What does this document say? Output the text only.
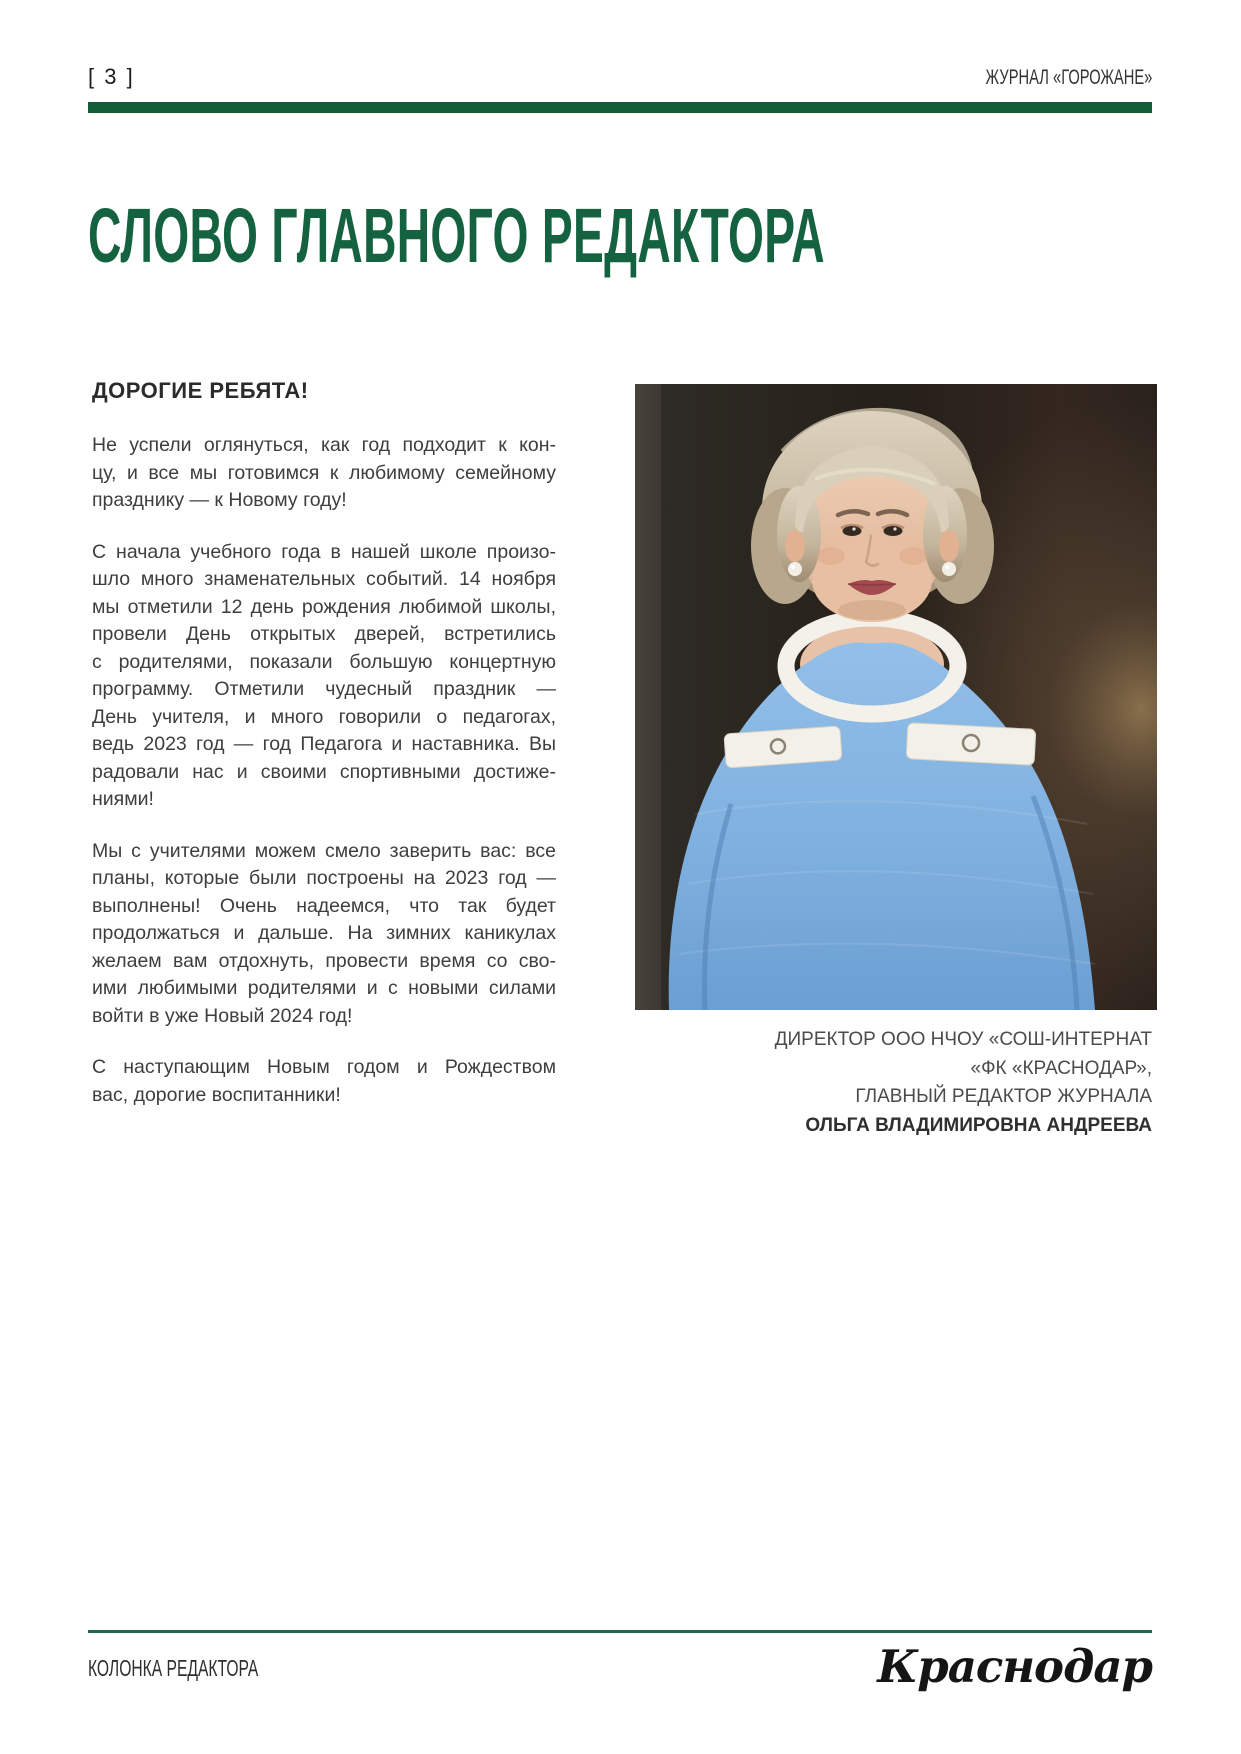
[ 3 ]	ЖУРНАЛ «ГОРОЖАНЕ»
СЛОВО ГЛАВНОГО РЕДАКТОРА
ДОРОГИЕ РЕБЯТА!
Не успели оглянуться, как год подходит к кон-
цу, и все мы готовимся к любимому семейному
празднику — к Новому году!
С начала учебного года в нашей школе произо-
шло много знаменательных событий. 14 ноября
мы отметили 12 день рождения любимой школы,
провели День открытых дверей, встретились
с родителями, показали большую концертную
программу. Отметили чудесный праздник —
День учителя, и много говорили о педагогах,
ведь 2023 год — год Педагога и наставника. Вы
радовали нас и своими спортивными достиже-
ниями!
Мы с учителями можем смело заверить вас: все
планы, которые были построены на 2023 год —
выполнены! Очень надеемся, что так будет
продолжаться и дальше. На зимних каникулах
желаем вам отдохнуть, провести время со сво-
ими любимыми родителями и с новыми силами
войти в уже Новый 2024 год!
С наступающим Новым годом и Рождеством
вас, дорогие воспитанники!
ДИРЕКТОР ООО НЧОУ «СОШ-ИНТЕРНАТ
«ФК «КРАСНОДАР»,
ГЛАВНЫЙ РЕДАКТОР ЖУРНАЛА
ОЛЬГА ВЛАДИМИРОВНА АНДРЕЕВА
КОЛОНКА РЕДАКТОРА	Краснодар
